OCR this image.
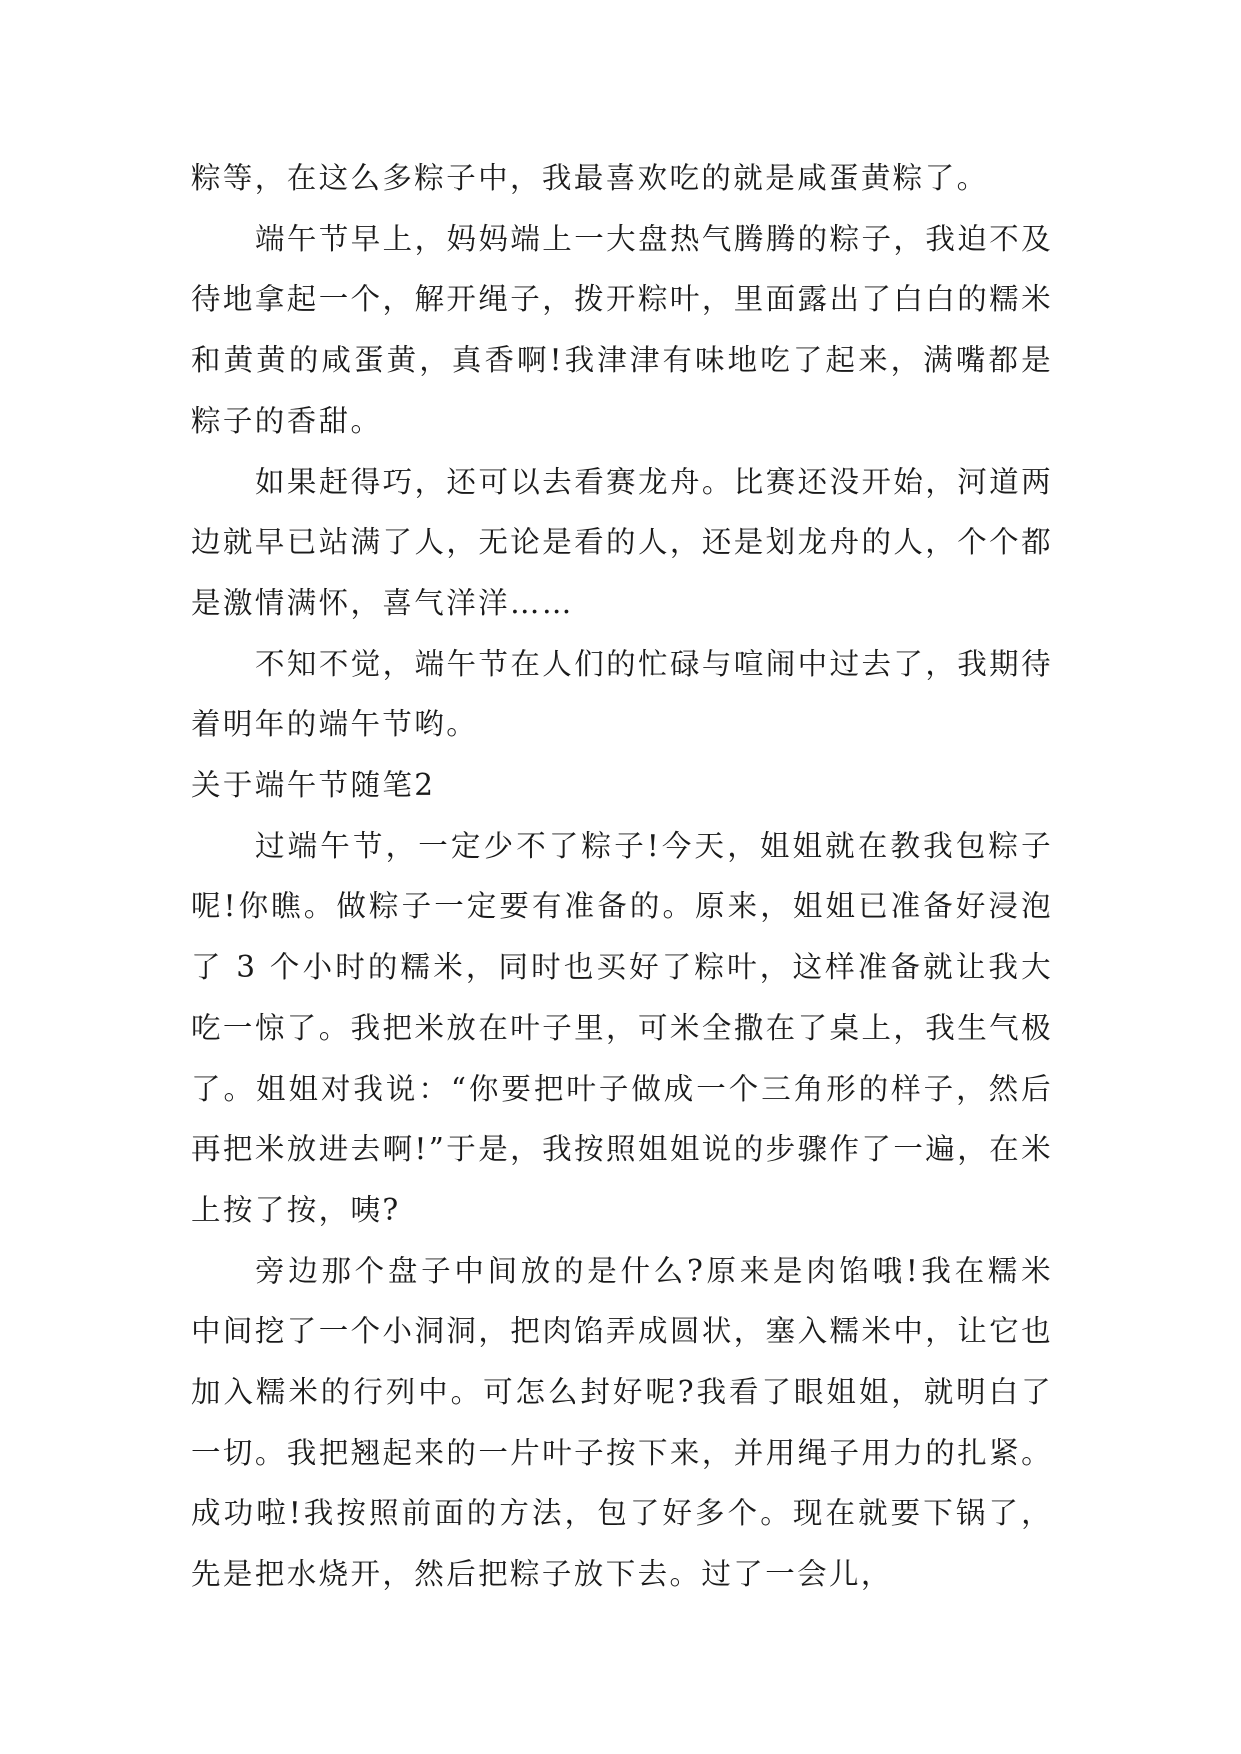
粽等，在这么多粽子中，我最喜欢吃的就是咸蛋黄粽了。

端午节早上，妈妈端上一大盘热气腾腾的粽子，我迫不及待地拿起一个，解开绳子，拨开粽叶，里面露出了白白的糯米和黄黄的咸蛋黄，真香啊!我津津有味地吃了起来，满嘴都是粽子的香甜。

如果赶得巧，还可以去看赛龙舟。比赛还没开始，河道两边就早已站满了人，无论是看的人，还是划龙舟的人，个个都是激情满怀，喜气洋洋……

不知不觉，端午节在人们的忙碌与喧闹中过去了，我期待着明年的端午节哟。

关于端午节随笔2

过端午节，一定少不了粽子!今天，姐姐就在教我包粽子呢!你瞧。做粽子一定要有准备的。原来，姐姐已准备好浸泡了 3 个小时的糯米，同时也买好了粽叶，这样准备就让我大吃一惊了。我把米放在叶子里，可米全撒在了桌上，我生气极了。姐姐对我说：“你要把叶子做成一个三角形的样子，然后再把米放进去啊!”于是，我按照姐姐说的步骤作了一遍，在米上按了按，咦?

旁边那个盘子中间放的是什么?原来是肉馅哦!我在糯米中间挖了一个小洞洞，把肉馅弄成圆状，塞入糯米中，让它也加入糯米的行列中。可怎么封好呢?我看了眼姐姐，就明白了一切。我把翘起来的一片叶子按下来，并用绳子用力的扎紧。成功啦!我按照前面的方法，包了好多个。现在就要下锅了，先是把水烧开，然后把粽子放下去。过了一会儿，
